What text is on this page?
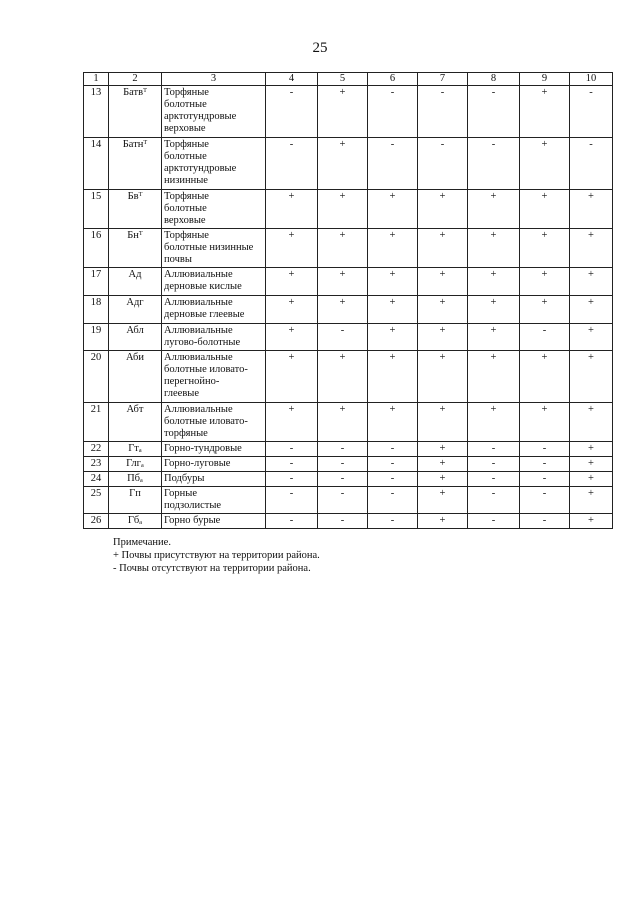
25
1	2	3	4	5	6	7	8	9	10
13	Батвᵀ	Торфяные
болотные
арктотундровые
верховые	-	+	-	-	-	+	-
14	Батнᵀ	Торфяные
болотные
арктотундровые
низинные	-	+	-	-	-	+	-
15	Бвᵀ	Торфяные
болотные
верховые	+	+	+	+	+	+	+
16	Бнᵀ	Торфяные
болотные низинные
почвы	+	+	+	+	+	+	+
17	Ад	Аллювиальные
дерновые кислые	+	+	+	+	+	+	+
18	Адг	Аллювиальные
дерновые глеевые	+	+	+	+	+	+	+
19	Абл	Аллювиальные
лугово-болотные	+	-	+	+	+	-	+
20	Аби	Аллювиальные
болотные иловато-
перегнойно-
глеевые	+	+	+	+	+	+	+
21	Абт	Аллювиальные
болотные иловато-
торфяные	+	+	+	+	+	+	+
22	Гтₐ	Горно-тундровые	-	-	-	+	-	-	+
23	Глгₐ	Горно-луговые	-	-	-	+	-	-	+
24	Пбₐ	Подбуры	-	-	-	+	-	-	+
25	Гп	Горные
подзолистые	-	-	-	+	-	-	+
26	Гбₐ	Горно бурые	-	-	-	+	-	-	+
Примечание.
+ Почвы присутствуют на территории района.
- Почвы отсутствуют на территории района.
